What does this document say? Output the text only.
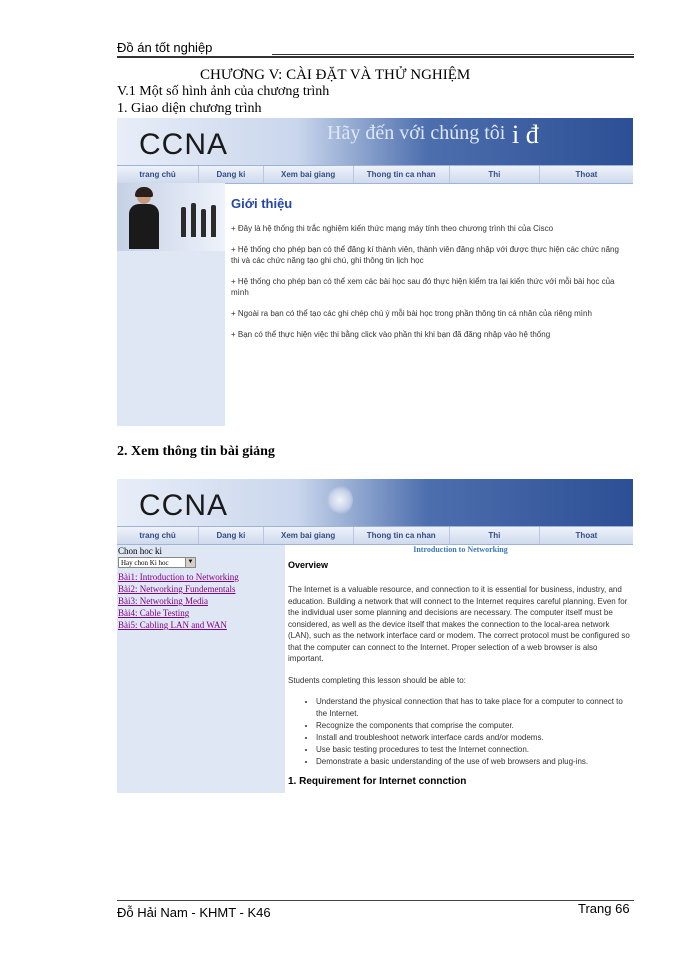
Đồ án tốt nghiệp
CHƯƠNG V: CÀI ĐẶT VÀ THỬ NGHIỆM
V.1 Một số hình ảnh của chương trình
1. Giao diện chương trình
CCNA	Hãy đến với chúng tôi i đ
trang chủ	Dang ki	Xem bai giang	Thong tin ca nhan	Thi	Thoat
Giới thiệu

+ Đây là hệ thống thi trắc nghiệm kiến thức mạng máy tính theo chương trình thi của Cisco

+ Hệ thống cho phép bạn có thể đăng kí thành viên, thành viên đăng nhập với được thực hiện các chức năng thi và các chức năng tạo ghi chú, ghi thông tin lịch học

+ Hệ thống cho phép bạn có thể xem các bài học sau đó thực hiện kiểm tra lại kiến thức với mỗi bài học của mình

+ Ngoài ra bạn có thể tạo các ghi chép chú ý mỗi bài học trong phần thông tin cá nhân của riêng mình

+ Bạn có thể thực hiện việc thi bằng click vào phần thi khi bạn đã đăng nhập vào hệ thống

2. Xem thông tin bài giảng
CCNA
trang chủ	Dang ki	Xem bai giang	Thong tin ca nhan	Thi	Thoat
Chon hoc ki
Hay chon Ki hoc	▼
Bài1: Introduction to Networking
Bài2: Networking Fundementals
Bài3: Networking Media
Bài4: Cable Testing
Bài5: Cabling LAN and WAN
Introduction to Networking
Overview

The Internet is a valuable resource, and connection to it is essential for business, industry, and education. Building a network that will connect to the Internet requires careful planning. Even for the individual user some planning and decisions are necessary. The computer itself must be considered, as well as the device itself that makes the connection to the local-area network (LAN), such as the network interface card or modem. The correct protocol must be configured so that the computer can connect to the Internet. Proper selection of a web browser is also important.

Students completing this lesson should be able to:

• Understand the physical connection that has to take place for a computer to connect to the Internet.
• Recognize the components that comprise the computer.
• Install and troubleshoot network interface cards and/or modems.
• Use basic testing procedures to test the Internet connection.
• Demonstrate a basic understanding of the use of web browsers and plug-ins.
1. Requirement for Internet connction
Đỗ Hải Nam - KHMT - K46	Trang 66
